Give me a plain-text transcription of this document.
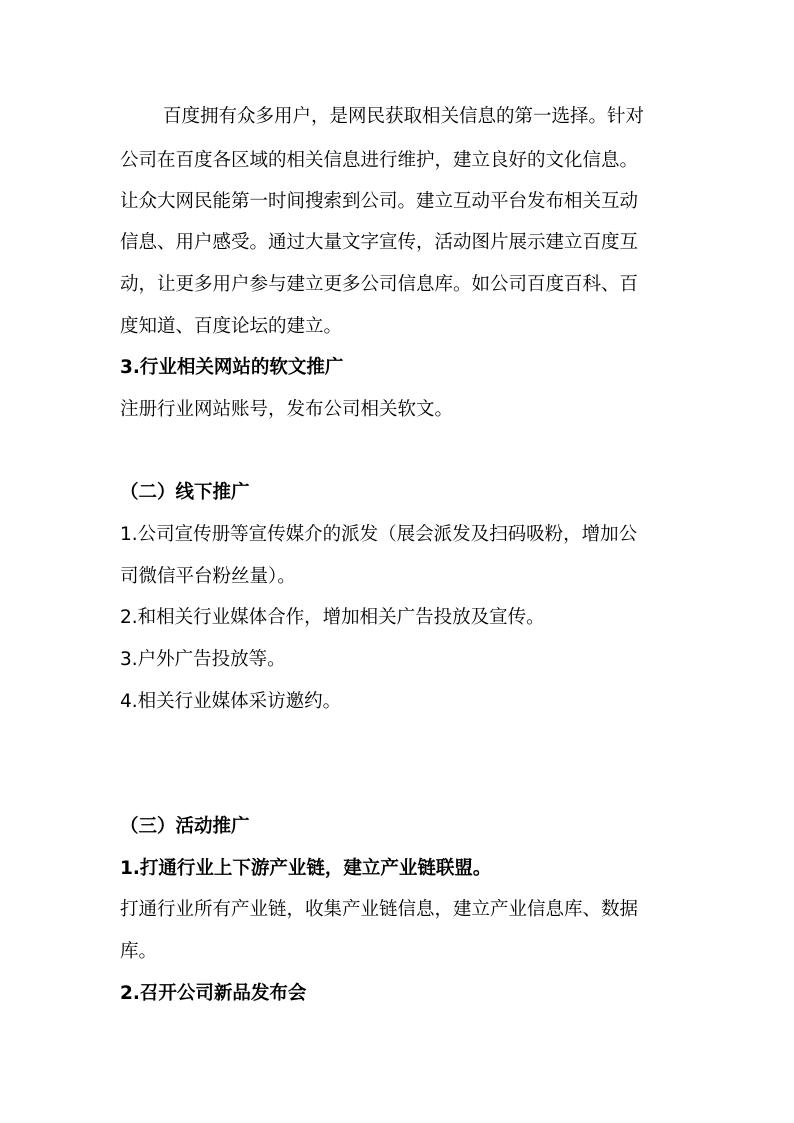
百度拥有众多用户，是网民获取相关信息的第一选择。针对
公司在百度各区域的相关信息进行维护，建立良好的文化信息。
让众大网民能第一时间搜索到公司。建立互动平台发布相关互动
信息、用户感受。通过大量文字宣传，活动图片展示建立百度互
动，让更多用户参与建立更多公司信息库。如公司百度百科、百
度知道、百度论坛的建立。
3.行业相关网站的软文推广
注册行业网站账号，发布公司相关软文。
（二）线下推广
1.公司宣传册等宣传媒介的派发（展会派发及扫码吸粉，增加公
司微信平台粉丝量）。
2.和相关行业媒体合作，增加相关广告投放及宣传。
3.户外广告投放等。
4.相关行业媒体采访邀约。
（三）活动推广
1.打通行业上下游产业链，建立产业链联盟。
打通行业所有产业链，收集产业链信息，建立产业信息库、数据
库。
2.召开公司新品发布会
